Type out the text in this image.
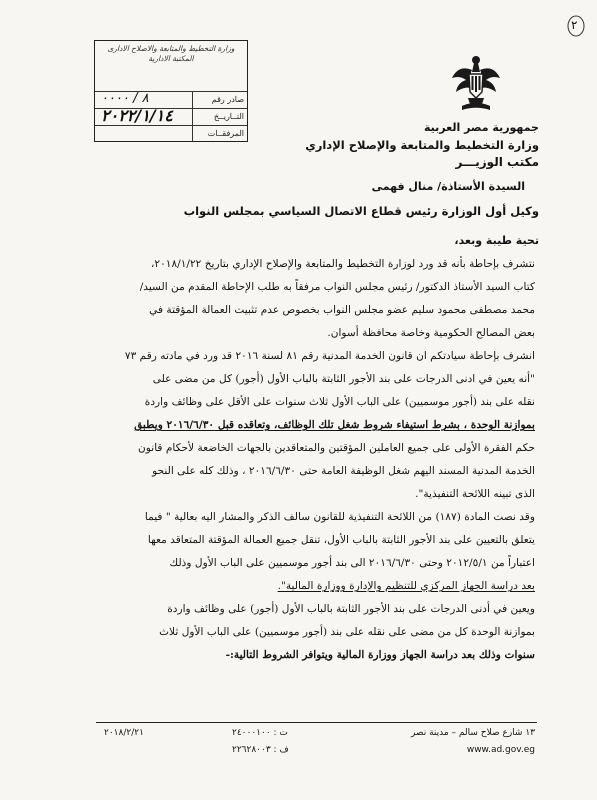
وزارة التخطيط والمتابعة والاصلاح الادارى
المكتبة الادارية
صادر رقم
٨ / ٠٠٠٠
التــاريــخ
٢٠٢٢/١/١٤
المرفقــات
٢
جمهورية مصر العربية
وزارة التخطيط والمتابعة والإصلاح الإداري
مكتب الوزيـــر
السيدة الأستاذة/ منال فهمى
وكيل أول الوزارة رئيس قطاع الاتصال السياسي بمجلس النواب
تحية طيبة وبعد،
نتشرف بإحاطة بأنه قد ورد لوزارة التخطيط والمتابعة والإصلاح الإداري بتاريخ ٢٠١٨/١/٢٢،
كتاب السيد الأستاذ الدكتور/ رئيس مجلس النواب مرفقاً به طلب الإحاطة المقدم من السيد/
محمد مصطفى محمود سليم عضو مجلس النواب بخصوص عدم تثبيت العمالة المؤقتة في
بعض المصالح الحكومية وخاصة محافظة أسوان.
انشرف بإحاطة سيادتكم ان قانون الخدمة المدنية رقم ٨١ لسنة ٢٠١٦ قد ورد في مادته رقم ٧٣
"أنه يعين في ادنى الدرجات على بند الأجور الثابتة بالباب الأول (أجور) كل من مضى على
نقله على بند (أجور موسميين) على الباب الأول ثلاث سنوات على الأقل على وظائف واردة
بموازنة الوحدة ، بشرط استيفاء شروط شغل تلك الوظائف، وتعاقده قبل ٢٠١٦/٦/٣٠ ويطبق
حكم الفقرة الأولى على جميع العاملين المؤقتين والمتعاقدين بالجهات الخاضعة لأحكام قانون
الخدمة المدنية المسند اليهم شغل الوظيفة العامة حتى ٢٠١٦/٦/٣٠ ، وذلك كله على النحو
الذى تبينه اللائحة التنفيذية".
وقد نصت المادة (١٨٧) من اللائحة التنفيذية للقانون سالف الذكر والمشار اليه بعالية " فيما
يتعلق بالتعيين على بند الأجور الثابتة بالباب الأول، تنقل جميع العمالة المؤقتة المتعاقد معها
اعتباراً من ٢٠١٢/٥/١ وحتى ٢٠١٦/٦/٣٠ الى بند أجور موسميين على الباب الأول وذلك
بعد دراسة الجهاز المركزي للتنظيم والإدارة ووزارة المالية".
ويعين في أدنى الدرجات على بند الأجور الثابتة بالباب الأول (أجور) على وظائف واردة
بموازنة الوحدة كل من مضى على نقله على بند (أجور موسميين) على الباب الأول ثلاث
سنوات وذلك بعد دراسة الجهاز ووزارة المالية ويتوافر الشروط التالية:-
١٣ شارع صلاح سالم – مدينة نصر
www.ad.gov.eg
ت : ٢٤٠٠٠١٠٠
ف : ٢٢٦٢٨٠٠٣
٢٠١٨/٢/٢١
